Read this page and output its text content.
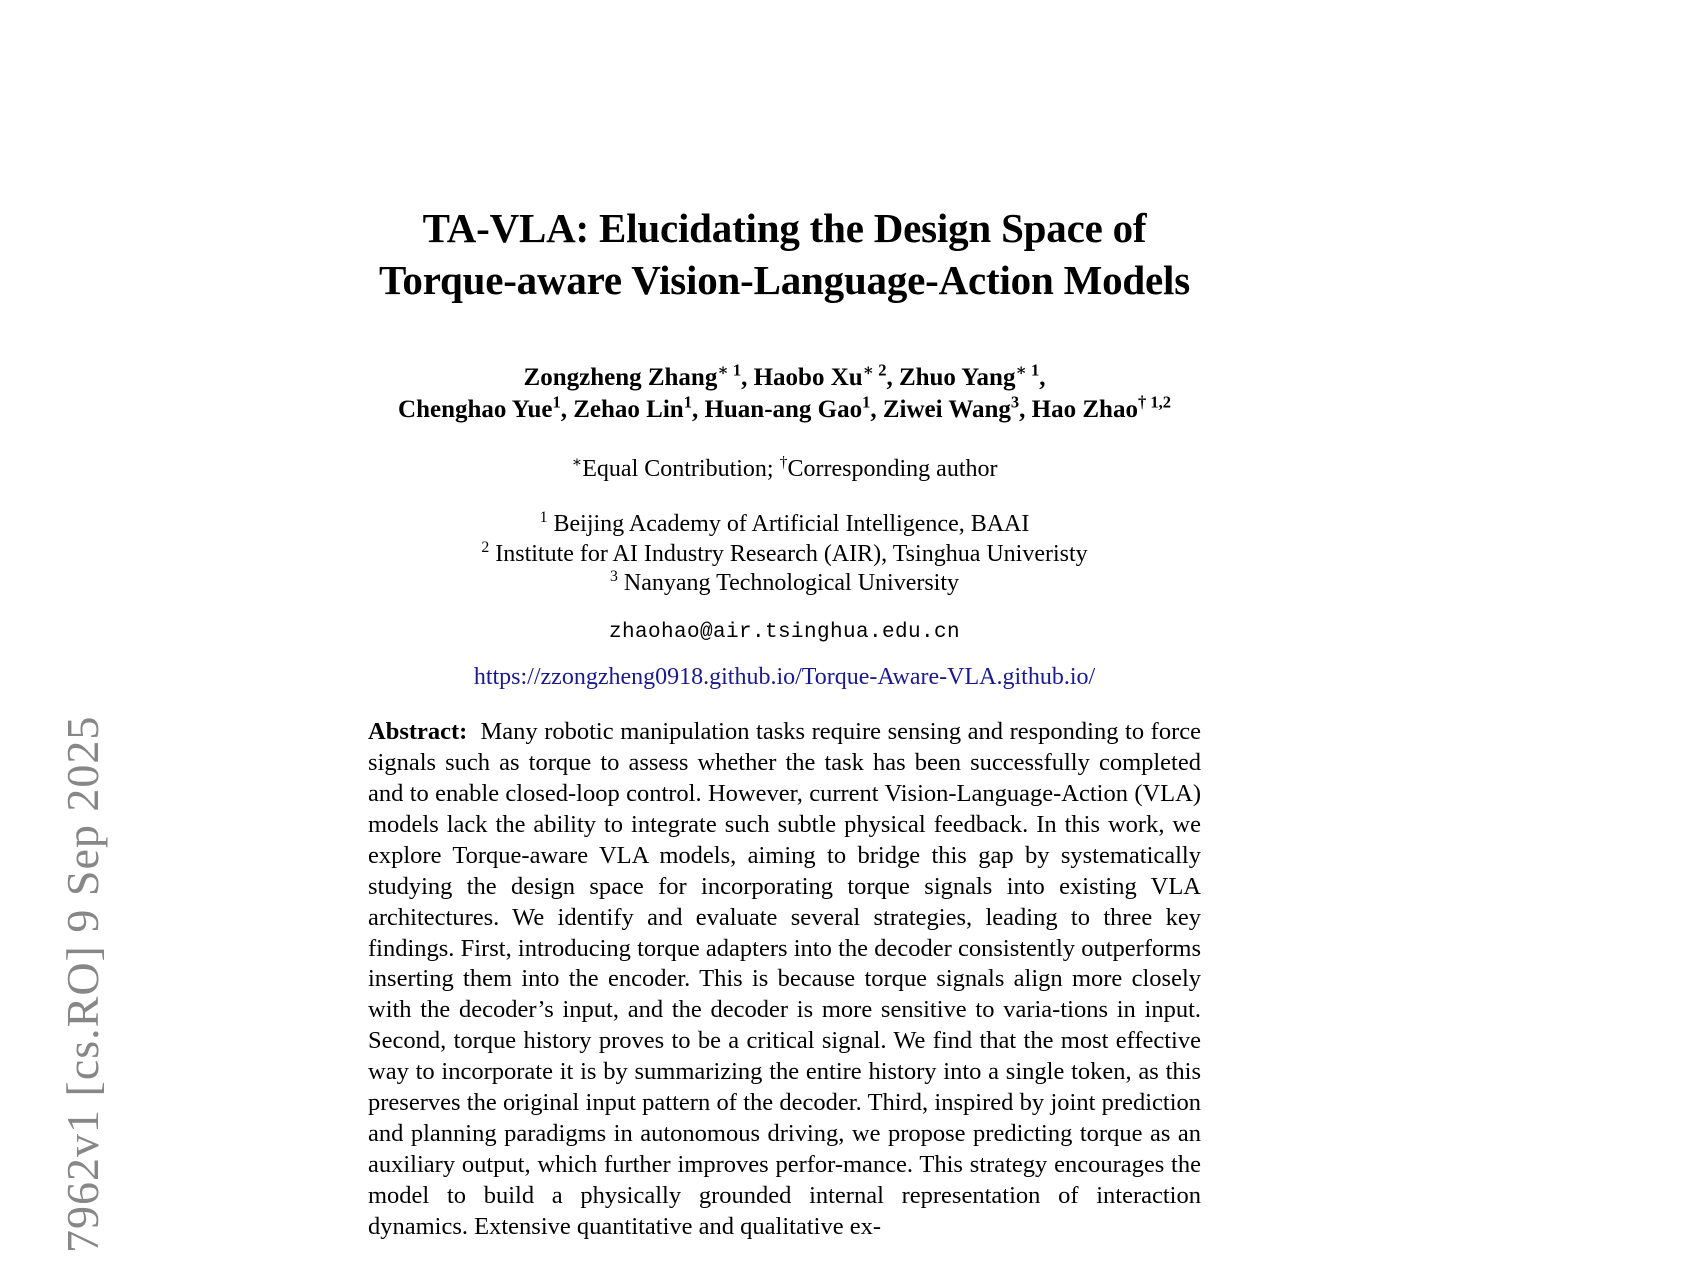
7962v1 [cs.RO] 9 Sep 2025
TA-VLA: Elucidating the Design Space of
Torque-aware Vision-Language-Action Models
Zongzheng Zhang$^{∗ 1}$, Haobo $Xu^{∗ 2}$, Zhuo Yang$^{∗ 1}$,
Chenghao Yue$^1$, Zehao Lin$^1$, Huan-ang Gao$^1$, Ziwei Wang$^3$, Hao Zhao$^{\dagger 1,2}$
∗Equal Contribution; †Corresponding author
$^1$ Beijing Academy of Artificial Intelligence, BAAI
$^2$ Institute for AI Industry Research (AIR), Tsinghua Univeristy
$^3$ Nanyang Technological University
zhaohao@air.tsinghua.edu.cn
https://zzongzheng0918.github.io/Torque-Aware-VLA.github.io/
Abstract: Many robotic manipulation tasks require sensing and responding to force signals such as torque to assess whether the task has been successfully completed and to enable closed-loop control. However, current Vision-Language-Action (VLA) models lack the ability to integrate such subtle physical feedback. In this work, we explore Torque-aware VLA models, aiming to bridge this gap by systematically studying the design space for incorporating torque signals into existing VLA architectures. We identify and evaluate several strategies, leading to three key findings. First, introducing torque adapters into the decoder consistently outperforms inserting them into the encoder. This is because torque signals align more closely with the decoder’s input, and the decoder is more sensitive to varia-tions in input. Second, torque history proves to be a critical signal. We find that the most effective way to incorporate it is by summarizing the entire history into a single token, as this preserves the original input pattern of the decoder. Third, inspired by joint prediction and planning paradigms in autonomous driving, we propose predicting torque as an auxiliary output, which further improves perfor-mance. This strategy encourages the model to build a physically grounded internal representation of interaction dynamics. Extensive quantitative and qualitative ex-
